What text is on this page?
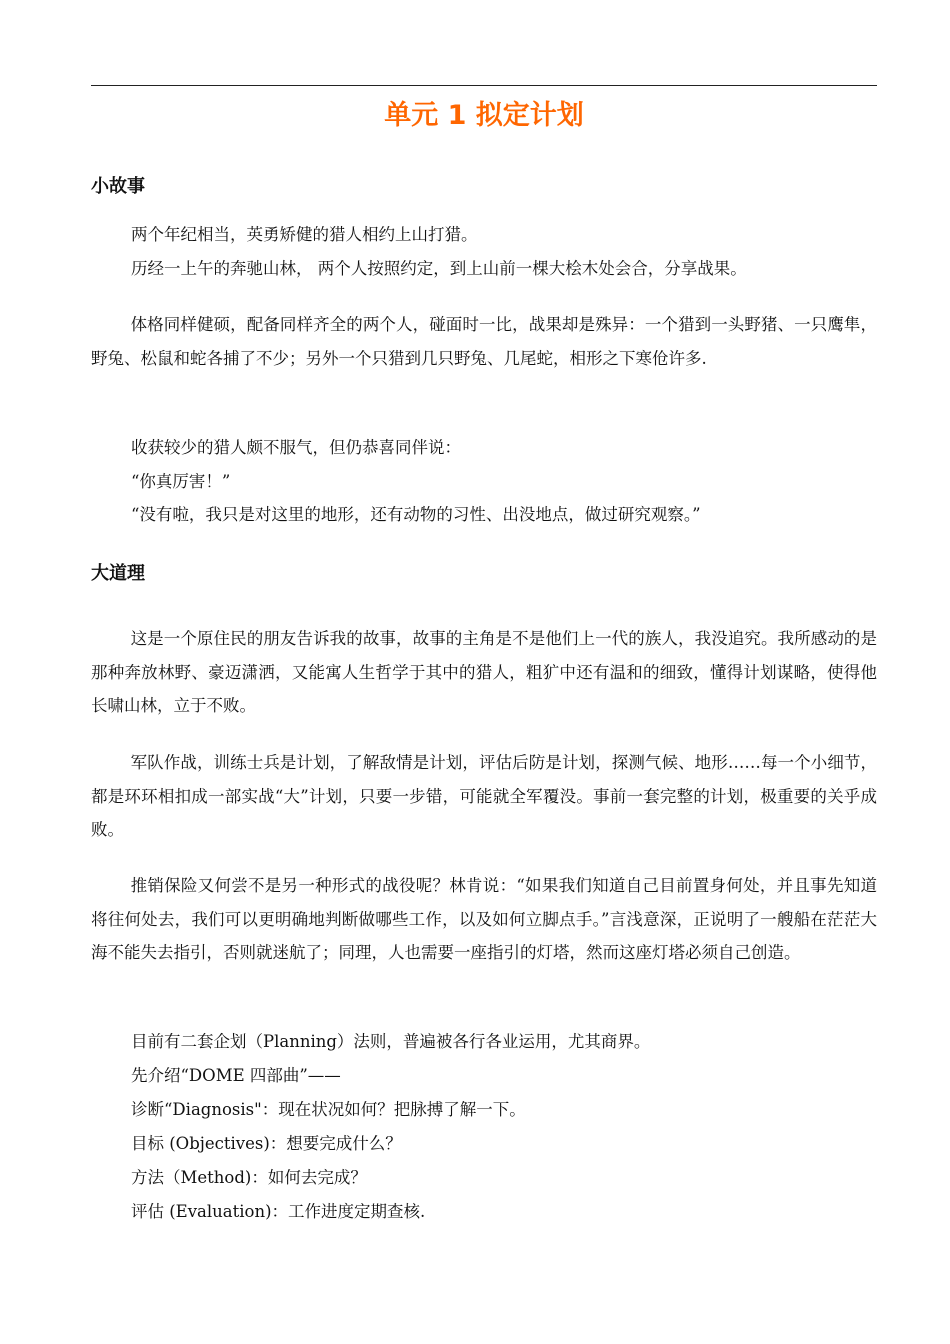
单元 1 拟定计划
小故事
两个年纪相当，英勇矫健的猎人相约上山打猎。
历经一上午的奔驰山林， 两个人按照约定，到上山前一棵大桧木处会合，分享战果。

体格同样健硕，配备同样齐全的两个人，碰面时一比，战果却是殊异：一个猎到一头野猪、一只鹰隼，野兔、松鼠和蛇各捕了不少；另外一个只猎到几只野兔、几尾蛇，相形之下寒伧许多.

收获较少的猎人颇不服气，但仍恭喜同伴说：
“你真厉害！”
“没有啦，我只是对这里的地形，还有动物的习性、出没地点，做过研究观察。”
大道理

这是一个原住民的朋友告诉我的故事，故事的主角是不是他们上一代的族人，我没追究。我所感动的是那种奔放林野、豪迈潇洒，又能寓人生哲学于其中的猎人，粗犷中还有温和的细致，懂得计划谋略，使得他长啸山林，立于不败。

军队作战，训练士兵是计划，了解敌情是计划，评估后防是计划，探测气候、地形……每一个小细节，都是环环相扣成一部实战“大”计划，只要一步错，可能就全军覆没。事前一套完整的计划，极重要的关乎成败。

推销保险又何尝不是另一种形式的战役呢？林肯说：“如果我们知道自己目前置身何处，并且事先知道将往何处去，我们可以更明确地判断做哪些工作，以及如何立脚点手。”言浅意深，正说明了一艘船在茫茫大海不能失去指引，否则就迷航了；同理，人也需要一座指引的灯塔，然而这座灯塔必须自己创造。

目前有二套企划（Planning）法则，普遍被各行各业运用，尤其商界。
先介绍“DOME 四部曲”——
诊断“Diagnosis"：现在状况如何？把脉搏了解一下。
目标 (Objectives)：想要完成什么？
方法（Method)：如何去完成？
评估 (Evaluation)：工作进度定期查核.
